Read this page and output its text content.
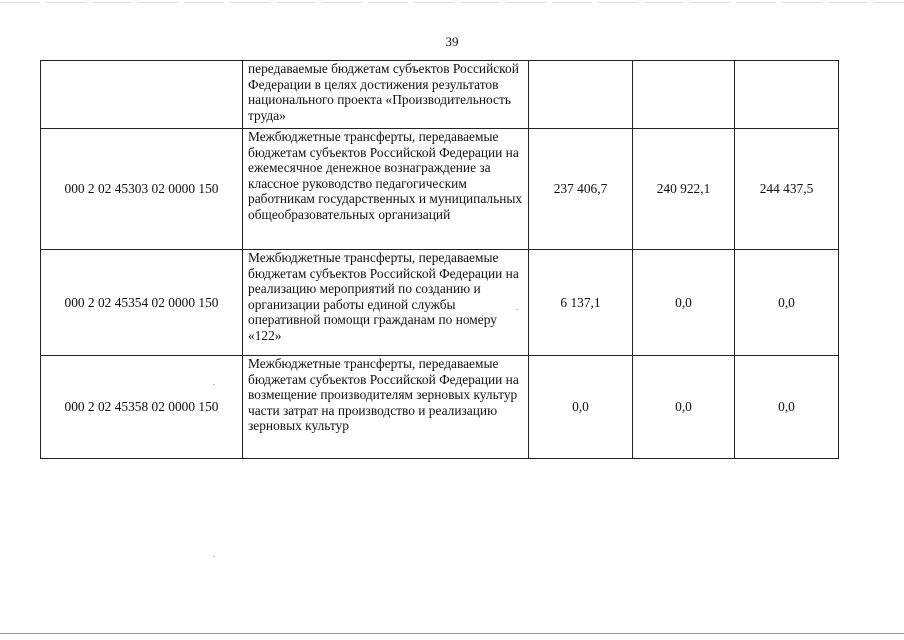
39
	передаваемые бюджетам субъектов Российской Федерации в целях достижения результатов национального проекта «Производительность труда»			
000 2 02 45303 02 0000 150	Межбюджетные трансферты, передаваемые бюджетам субъектов Российской Федерации на ежемесячное денежное вознаграждение за классное руководство педагогическим работникам государственных и муниципальных общеобразовательных организаций	237 406,7	240 922,1	244 437,5
000 2 02 45354 02 0000 150	Межбюджетные трансферты, передаваемые бюджетам субъектов Российской Федерации на реализацию мероприятий по созданию и организации работы единой службы оперативной помощи гражданам по номеру «122»	6 137,1	0,0	0,0
000 2 02 45358 02 0000 150	Межбюджетные трансферты, передаваемые бюджетам субъектов Российской Федерации на возмещение производителям зерновых культур части затрат на производство и реализацию зерновых культур	0,0	0,0	0,0
